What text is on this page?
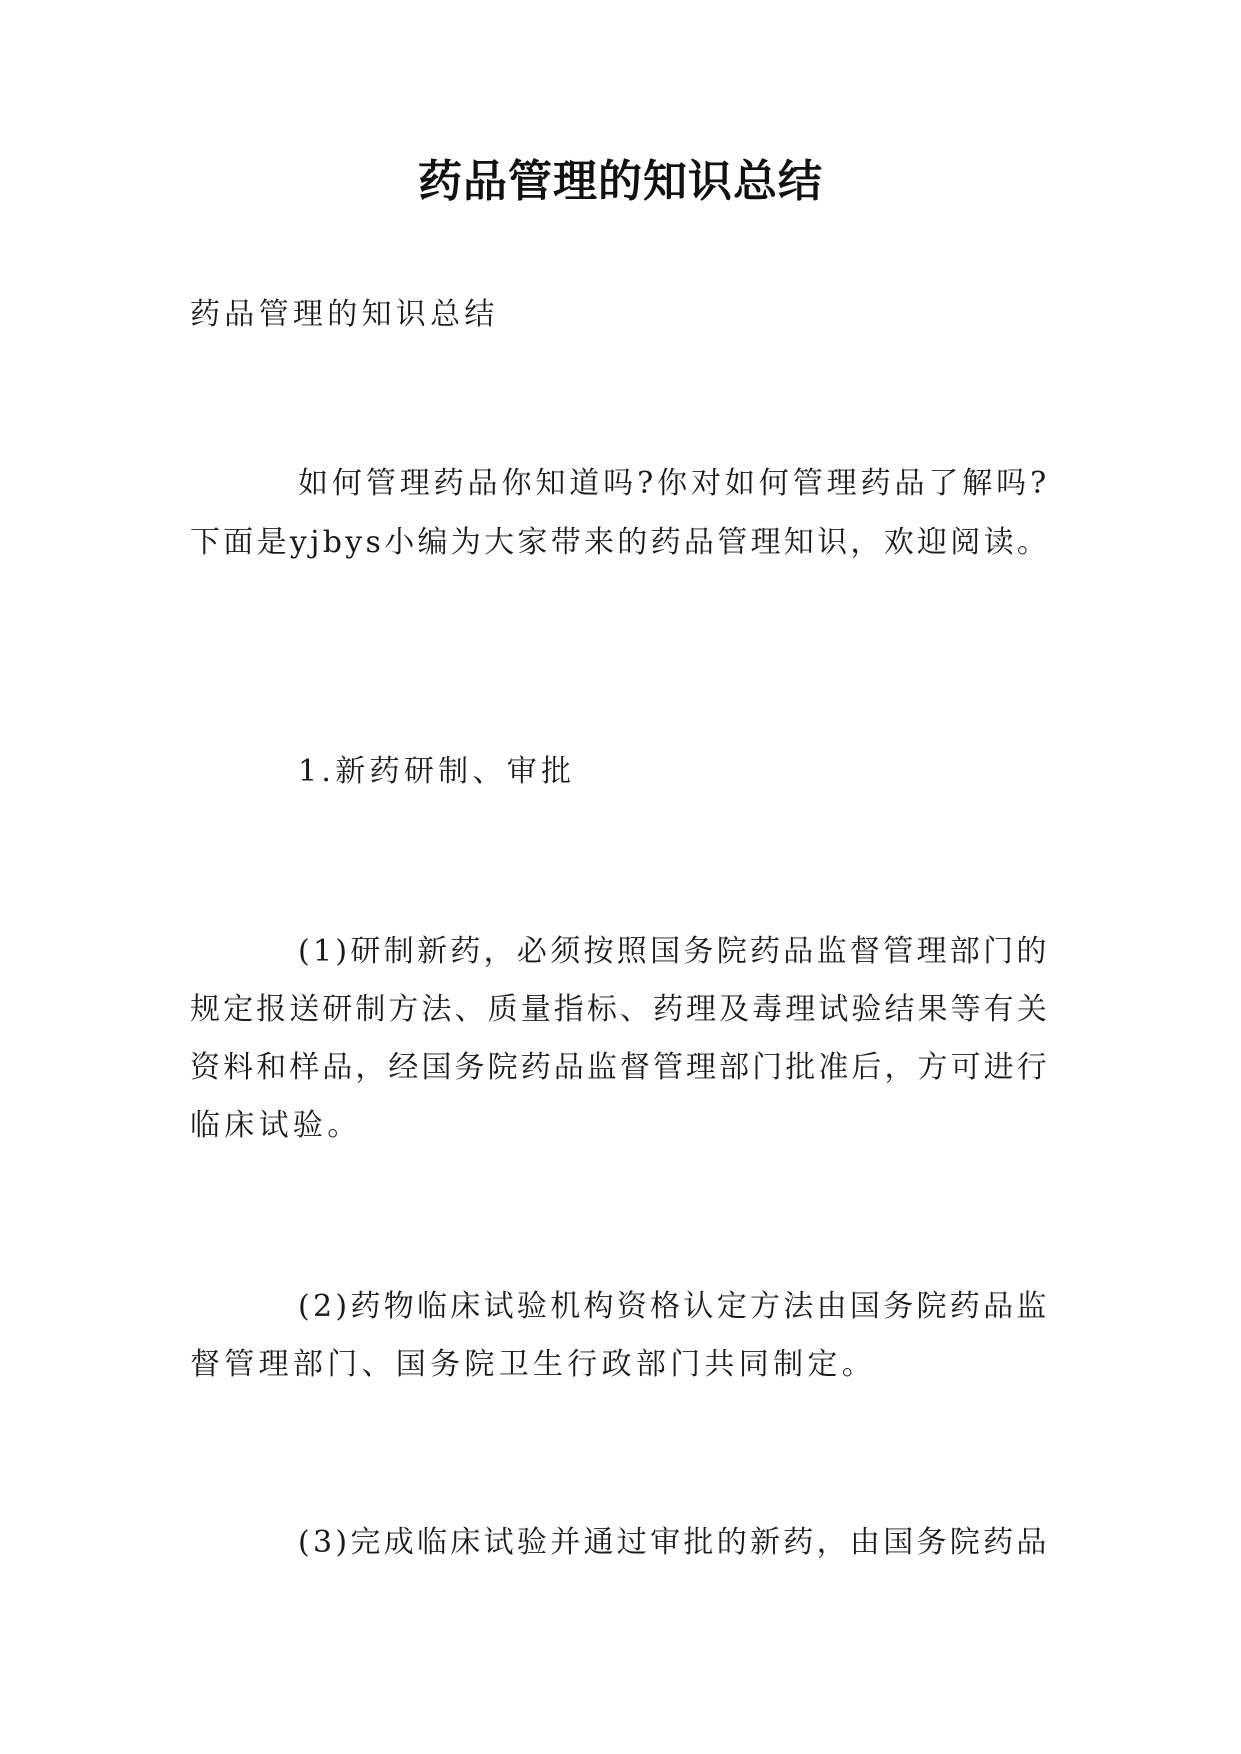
药品管理的知识总结
药品管理的知识总结
如何管理药品你知道吗?你对如何管理药品了解吗?
下面是yjbys小编为大家带来的药品管理知识，欢迎阅读。
1.新药研制、审批
(1)研制新药，必须按照国务院药品监督管理部门的
规定报送研制方法、质量指标、药理及毒理试验结果等有关
资料和样品，经国务院药品监督管理部门批准后，方可进行
临床试验。
(2)药物临床试验机构资格认定方法由国务院药品监
督管理部门、国务院卫生行政部门共同制定。
(3)完成临床试验并通过审批的新药，由国务院药品
